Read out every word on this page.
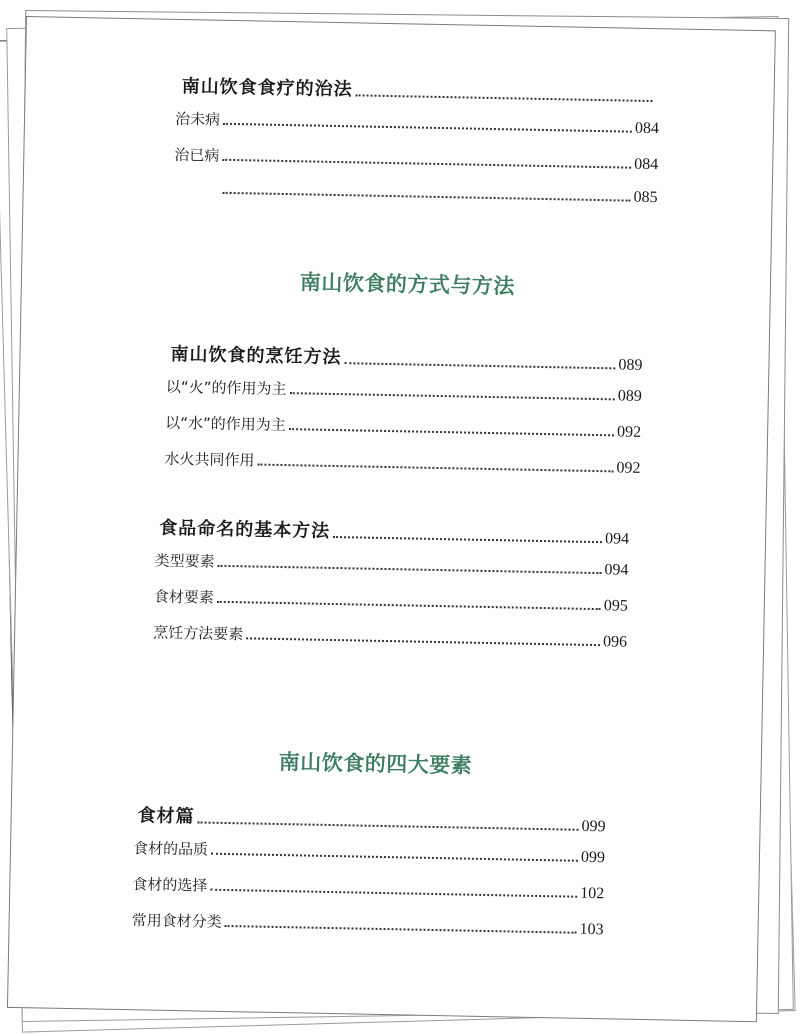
南山饮食食疗的治法
治未病	084
治已病	084
085
南山饮食的方式与方法
南山饮食的烹饪方法	089
以“火”的作用为主	089
以“水”的作用为主	092
水火共同作用	092
食品命名的基本方法	094
类型要素	094
食材要素	095
烹饪方法要素	096
南山饮食的四大要素
食材篇	099
食材的品质	099
食材的选择	102
常用食材分类	103
